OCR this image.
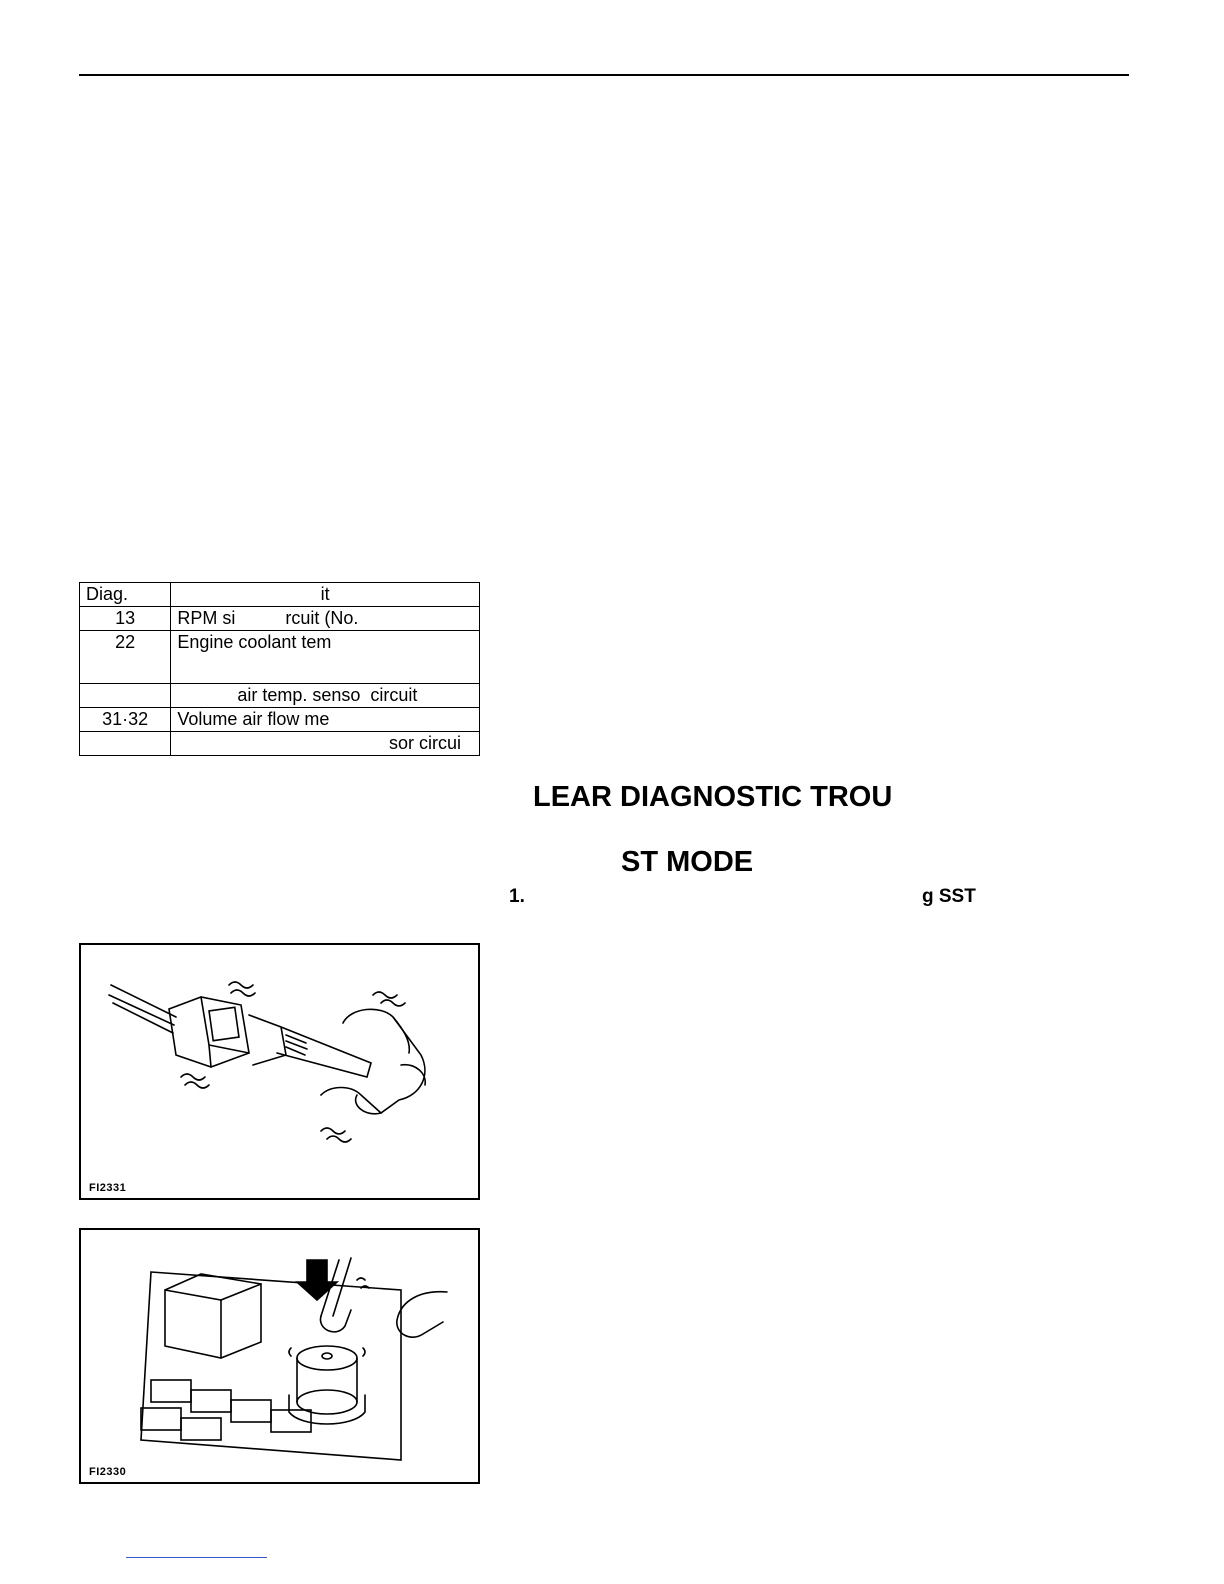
Diag.	it
13	RPM si          rcuit (No.
22	Engine coolant tem
	air temp. senso  circuit
31·32	Volume air flow me
	sor circui
LEAR DIAGNOSTIC TROU
ST MODE
1.	g SST
FI2331
FI2330
